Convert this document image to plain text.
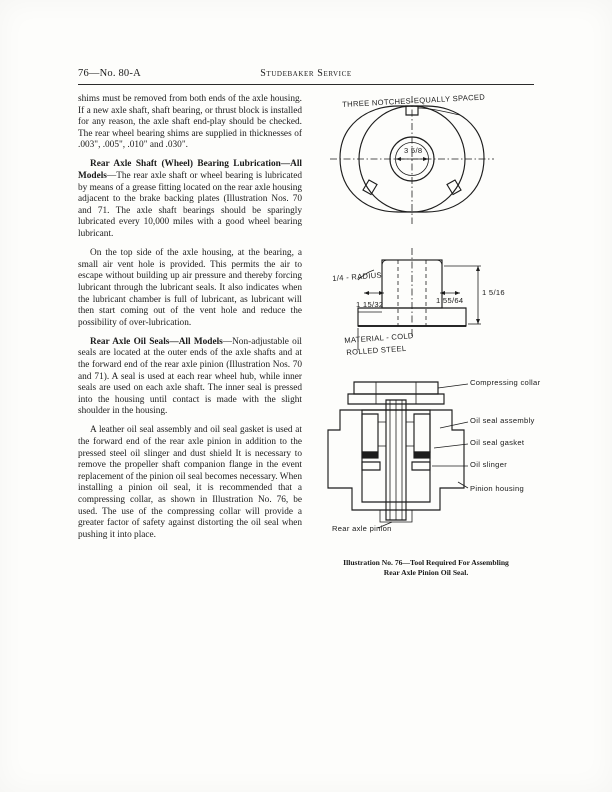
76—No. 80-A	Studebaker Service

shims must be removed from both ends of the axle housing. If a new axle shaft, shaft bearing, or thrust block is installed for any reason, the axle shaft end-play should be checked. The rear wheel bearing shims are supplied in thicknesses of .003", .005", .010" and .030".

Rear Axle Shaft (Wheel) Bearing Lubrication—All Models—The rear axle shaft or wheel bearing is lubricated by means of a grease fitting located on the rear axle housing adjacent to the brake backing plates (Illustration Nos. 70 and 71. The axle shaft bearings should be sparingly lubricated every 10,000 miles with a good wheel bearing lubricant.

On the top side of the axle housing, at the bearing, a small air vent hole is provided. This permits the air to escape without building up air pressure and thereby forcing lubricant through the lubricant seals. It also indicates when the lubricant chamber is full of lubricant, as lubricant will then start coming out of the vent hole and reduce the possibility of over-lubrication.

Rear Axle Oil Seals—All Models—Non-adjustable oil seals are located at the outer ends of the axle shafts and at the forward end of the rear axle pinion (Illustration Nos. 70 and 71). A seal is used at each rear wheel hub, while inner seals are used on each axle shaft. The inner seal is pressed into the housing until contact is made with the slight shoulder in the housing.

A leather oil seal assembly and oil seal gasket is used at the forward end of the rear axle pinion in addition to the pressed steel oil slinger and dust shield It is necessary to remove the propeller shaft companion flange in the event replacement of the pinion oil seal becomes necessary. When installing a pinion oil seal, it is recommended that a compressing collar, as shown in Illustration No. 76, be used. The use of the compressing collar will provide a greater factor of safety against distorting the oil seal when pushing it into place.

THREE NOTCHES-EQUALLY SPACED
3 5/8
1/4 - RADIUS
1 15/32	1 55/64
1 5/16
MATERIAL - COLD
ROLLED STEEL
Compressing collar
Oil seal assembly
Oil seal gasket
Oil slinger
Pinion housing
Rear axle pinion
Illustration No. 76—Tool Required For Assembling
Rear Axle Pinion Oil Seal.
